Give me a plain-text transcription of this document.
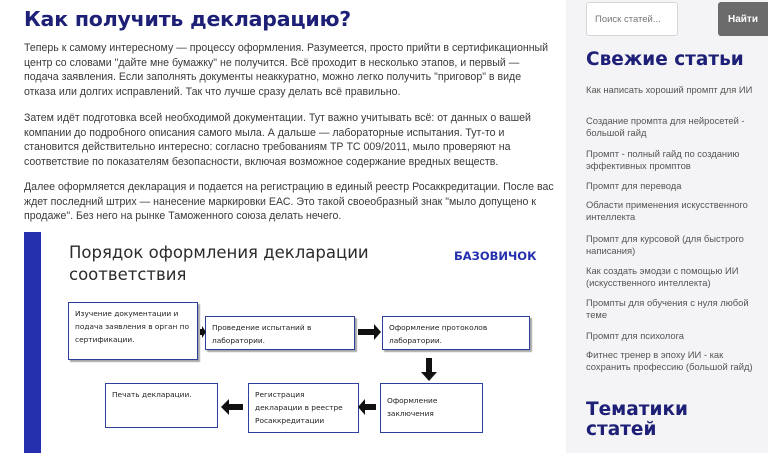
Как получить декларацию?

Теперь к самому интересному — процессу оформления. Разумеется, просто прийти в сертификационный центр со словами "дайте мне бумажку" не получится. Всё проходит в несколько этапов, и первый — подача заявления. Если заполнять документы неаккуратно, можно легко получить "приговор" в виде отказа или долгих исправлений. Так что лучше сразу делать всё правильно.

Затем идёт подготовка всей необходимой документации. Тут важно учитывать всё: от данных о вашей компании до подробного описания самого мыла. А дальше — лабораторные испытания. Тут-то и становится действительно интересно: согласно требованиям ТР ТС 009/2011, мыло проверяют на соответствие по показателям безопасности, включая возможное содержание вредных веществ.

Далее оформляется декларация и подается на регистрацию в единый реестр Росаккредитации. После вас ждет последний штрих — нанесение маркировки ЕАС. Это такой своеобразный знак "мыло допущено к продаже". Без него на рынке Таможенного союза делать нечего.

Порядок оформления декларации соответствия
БАЗОВИЧОК
Изучение документации и подача заявления в орган по сертификации.
Проведение испытаний в лаборатории.
Оформление протоколов лаборатории.
Оформление заключения
Регистрация декларации в реестре Росаккредитации
Печать декларации.
Поиск статей...
Найти
Свежие статьи
Как написать хороший промпт для ИИ
Создание промпта для нейросетей - большой гайд
Промпт - полный гайд по созданию эффективных промптов
Промпт для перевода
Области применения искусственного интеллекта
Промпт для курсовой (для быстрого написания)
Как создать эмодзи с помощью ИИ (искусственного интеллекта)
Промпты для обучения с нуля любой теме
Промпт для психолога
Фитнес тренер в эпоху ИИ - как сохранить профессию (большой гайд)
Тематики статей
